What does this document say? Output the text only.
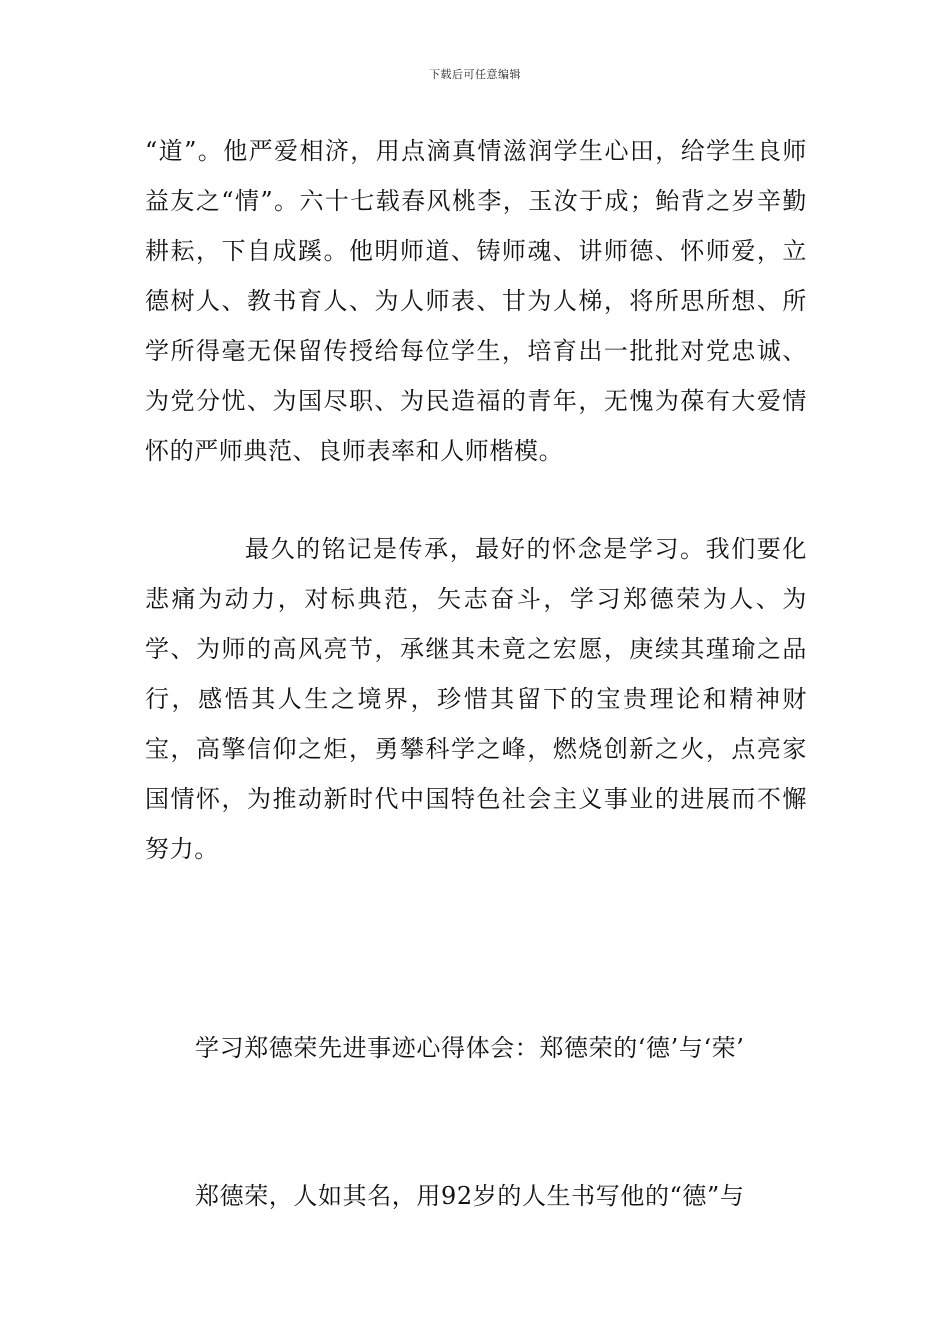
下载后可任意编辑

“道”。他严爱相济，用点滴真情滋润学生心田，给学生良师益友之“情”。六十七载春风桃李，玉汝于成；鲐背之岁辛勤耕耘，下自成蹊。他明师道、铸师魂、讲师德、怀师爱，立德树人、教书育人、为人师表、甘为人梯，将所思所想、所学所得毫无保留传授给每位学生，培育出一批批对党忠诚、为党分忧、为国尽职、为民造福的青年，无愧为葆有大爱情怀的严师典范、良师表率和人师楷模。

最久的铭记是传承，最好的怀念是学习。我们要化悲痛为动力，对标典范，矢志奋斗，学习郑德荣为人、为学、为师的高风亮节，承继其未竟之宏愿，庚续其瑾瑜之品行，感悟其人生之境界，珍惜其留下的宝贵理论和精神财宝，高擎信仰之炬，勇攀科学之峰，燃烧创新之火，点亮家国情怀，为推动新时代中国特色社会主义事业的进展而不懈努力。

学习郑德荣先进事迹心得体会：郑德荣的‘德’与‘荣’

郑德荣，人如其名，用92岁的人生书写他的“德”与
